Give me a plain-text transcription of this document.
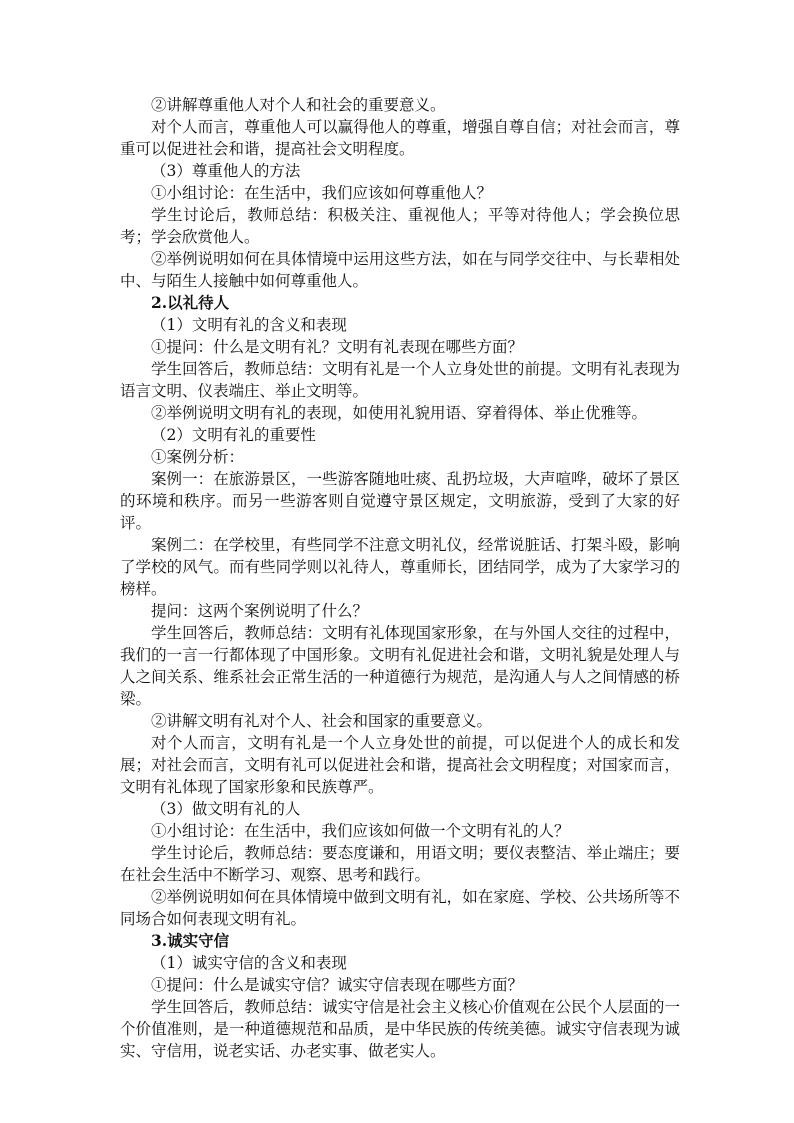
②讲解尊重他人对个人和社会的重要意义。

对个人而言，尊重他人可以赢得他人的尊重，增强自尊自信；对社会而言，尊重可以促进社会和谐，提高社会文明程度。

（3）尊重他人的方法

①小组讨论：在生活中，我们应该如何尊重他人？

学生讨论后，教师总结：积极关注、重视他人；平等对待他人；学会换位思考；学会欣赏他人。

②举例说明如何在具体情境中运用这些方法，如在与同学交往中、与长辈相处中、与陌生人接触中如何尊重他人。

2.以礼待人

（1）文明有礼的含义和表现

①提问：什么是文明有礼？文明有礼表现在哪些方面？

学生回答后，教师总结：文明有礼是一个人立身处世的前提。文明有礼表现为语言文明、仪表端庄、举止文明等。

②举例说明文明有礼的表现，如使用礼貌用语、穿着得体、举止优雅等。

（2）文明有礼的重要性

①案例分析：

案例一：在旅游景区，一些游客随地吐痰、乱扔垃圾，大声喧哗，破坏了景区的环境和秩序。而另一些游客则自觉遵守景区规定，文明旅游，受到了大家的好评。

案例二：在学校里，有些同学不注意文明礼仪，经常说脏话、打架斗殴，影响了学校的风气。而有些同学则以礼待人，尊重师长，团结同学，成为了大家学习的榜样。

提问：这两个案例说明了什么？

学生回答后，教师总结：文明有礼体现国家形象，在与外国人交往的过程中，我们的一言一行都体现了中国形象。文明有礼促进社会和谐，文明礼貌是处理人与人之间关系、维系社会正常生活的一种道德行为规范，是沟通人与人之间情感的桥梁。

②讲解文明有礼对个人、社会和国家的重要意义。

对个人而言，文明有礼是一个人立身处世的前提，可以促进个人的成长和发展；对社会而言，文明有礼可以促进社会和谐，提高社会文明程度；对国家而言，文明有礼体现了国家形象和民族尊严。

（3）做文明有礼的人

①小组讨论：在生活中，我们应该如何做一个文明有礼的人？

学生讨论后，教师总结：要态度谦和，用语文明；要仪表整洁、举止端庄；要在社会生活中不断学习、观察、思考和践行。

②举例说明如何在具体情境中做到文明有礼，如在家庭、学校、公共场所等不同场合如何表现文明有礼。

3.诚实守信

（1）诚实守信的含义和表现

①提问：什么是诚实守信？诚实守信表现在哪些方面？

学生回答后，教师总结：诚实守信是社会主义核心价值观在公民个人层面的一个价值准则，是一种道德规范和品质，是中华民族的传统美德。诚实守信表现为诚实、守信用，说老实话、办老实事、做老实人。
